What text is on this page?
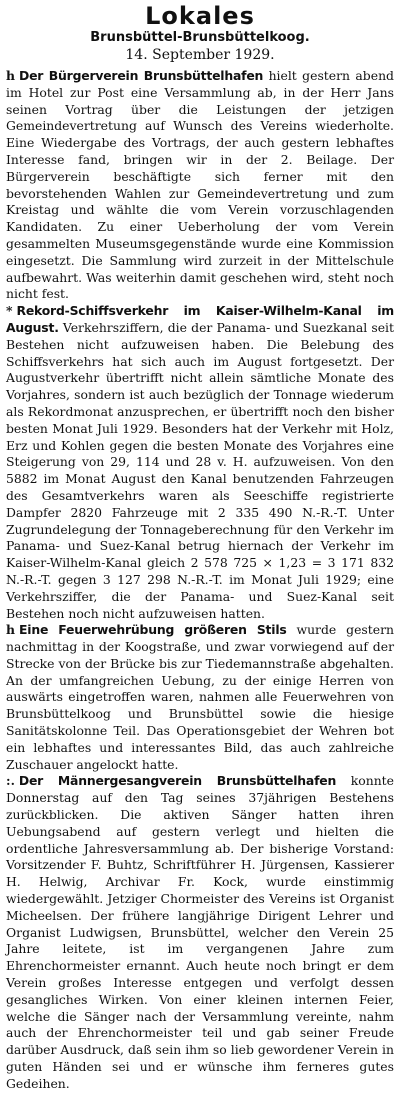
Lokales
Brunsbüttel-Brunsbüttelkoog.
14. September 1929.

h Der Bürgerverein Brunsbüttelhafen hielt gestern abend im Hotel zur Post eine Versammlung ab, in der Herr Jans seinen Vortrag über die Leistungen der jetzigen Gemeindevertretung auf Wunsch des Vereins wiederholte. Eine Wiedergabe des Vortrags, der auch gestern lebhaftes Interesse fand, bringen wir in der 2. Beilage. Der Bürgerverein beschäftigte sich ferner mit den bevorstehenden Wahlen zur Gemeindevertretung und zum Kreistag und wählte die vom Verein vorzuschlagenden Kandidaten. Zu einer Ueberholung der vom Verein gesammelten Museumsgegenstände wurde eine Kommission eingesetzt. Die Sammlung wird zurzeit in der Mittelschule aufbewahrt. Was weiterhin damit geschehen wird, steht noch nicht fest.

* Rekord-Schiffsverkehr im Kaiser-Wilhelm-Kanal im August. Verkehrsziffern, die der Panama- und Suezkanal seit Bestehen nicht aufzuweisen haben. Die Belebung des Schiffsverkehrs hat sich auch im August fortgesetzt. Der Augustverkehr übertrifft nicht allein sämtliche Monate des Vorjahres, sondern ist auch bezüglich der Tonnage wiederum als Rekordmonat anzusprechen, er übertrifft noch den bisher besten Monat Juli 1929. Besonders hat der Verkehr mit Holz, Erz und Kohlen gegen die besten Monate des Vorjahres eine Steigerung von 29, 114 und 28 v. H. aufzuweisen. Von den 5882 im Monat August den Kanal benutzenden Fahrzeugen des Gesamtverkehrs waren als Seeschiffe registrierte Dampfer 2820 Fahrzeuge mit 2 335 490 N.-R.-T. Unter Zugrundelegung der Tonnageberechnung für den Verkehr im Panama- und Suez-Kanal betrug hiernach der Verkehr im Kaiser-Wilhelm-Kanal gleich 2 578 725 × 1,23 = 3 171 832 N.-R.-T. gegen 3 127 298 N.-R.-T. im Monat Juli 1929; eine Verkehrsziffer, die der Panama- und Suez-Kanal seit Bestehen noch nicht aufzuweisen hatten.

h Eine Feuerwehrübung größeren Stils wurde gestern nachmittag in der Koogstraße, und zwar vorwiegend auf der Strecke von der Brücke bis zur Tiedemannstraße abgehalten. An der umfangreichen Uebung, zu der einige Herren von auswärts eingetroffen waren, nahmen alle Feuerwehren von Brunsbüttelkoog und Brunsbüttel sowie die hiesige Sanitätskolonne Teil. Das Operationsgebiet der Wehren bot ein lebhaftes und interessantes Bild, das auch zahlreiche Zuschauer angelockt hatte.

:. Der Männergesangverein Brunsbüttelhafen konnte Donnerstag auf den Tag seines 37jährigen Bestehens zurückblicken. Die aktiven Sänger hatten ihren Uebungsabend auf gestern verlegt und hielten die ordentliche Jahresversammlung ab. Der bisherige Vorstand: Vorsitzender F. Buhtz, Schriftführer H. Jürgensen, Kassierer H. Helwig, Archivar Fr. Kock, wurde einstimmig wiedergewählt. Jetziger Chormeister des Vereins ist Organist Micheelsen. Der frühere langjährige Dirigent Lehrer und Organist Ludwigsen, Brunsbüttel, welcher den Verein 25 Jahre leitete, ist im vergangenen Jahre zum Ehrenchormeister ernannt. Auch heute noch bringt er dem Verein großes Interesse entgegen und verfolgt dessen gesangliches Wirken. Von einer kleinen internen Feier, welche die Sänger nach der Versammlung vereinte, nahm auch der Ehrenchormeister teil und gab seiner Freude darüber Ausdruck, daß sein ihm so lieb gewordener Verein in guten Händen sei und er wünsche ihm ferneres gutes Gedeihen.
